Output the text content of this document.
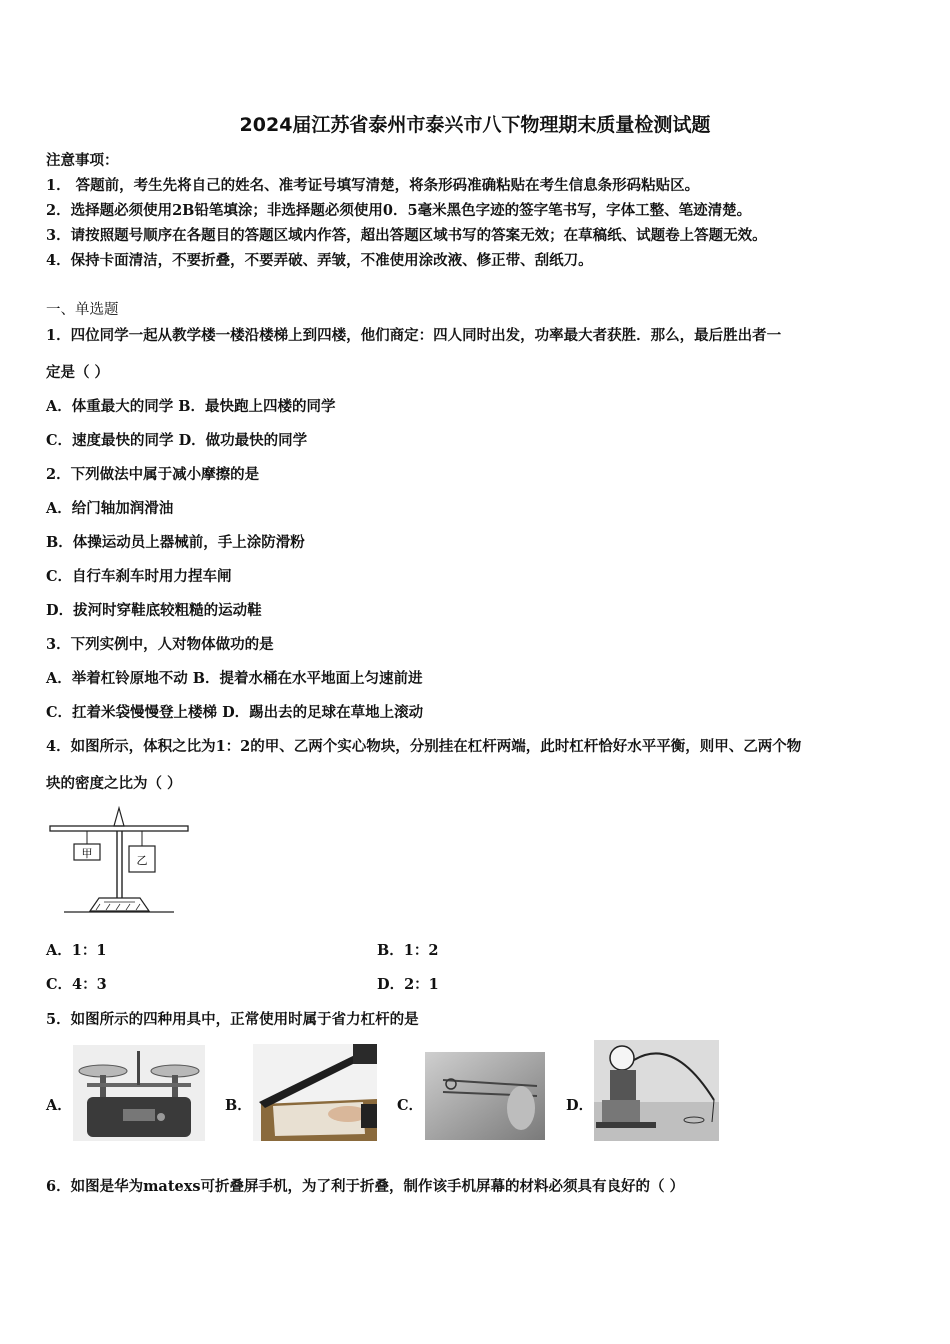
2024届江苏省泰州市泰兴市八下物理期末质量检测试题
注意事项：
1． 答题前，考生先将自己的姓名、准考证号填写清楚，将条形码准确粘贴在考生信息条形码粘贴区。
2．选择题必须使用2B铅笔填涂；非选择题必须使用0．5毫米黑色字迹的签字笔书写，字体工整、笔迹清楚。
3．请按照题号顺序在各题目的答题区域内作答，超出答题区域书写的答案无效；在草稿纸、试题卷上答题无效。
4．保持卡面清洁，不要折叠，不要弄破、弄皱，不准使用涂改液、修正带、刮纸刀。
一、单选题
1．四位同学一起从教学楼一楼沿楼梯上到四楼，他们商定：四人同时出发，功率最大者获胜．那么，最后胜出者一
定是（ ）
A．体重最大的同学 B．最快跑上四楼的同学
C．速度最快的同学 D．做功最快的同学
2．下列做法中属于减小摩擦的是
A．给门轴加润滑油
B．体操运动员上器械前，手上涂防滑粉
C．自行车刹车时用力捏车闸
D．拔河时穿鞋底较粗糙的运动鞋
3．下列实例中，人对物体做功的是
A．举着杠铃原地不动 B．提着水桶在水平地面上匀速前进
C．扛着米袋慢慢登上楼梯 D．踢出去的足球在草地上滚动
4．如图所示，体积之比为1：2的甲、乙两个实心物块，分别挂在杠杆两端，此时杠杆恰好水平平衡，则甲、乙两个物
块的密度之比为（ ）
甲
乙
A．1：1	B．1：2
C．4：3	D．2：1
5．如图所示的四种用具中，正常使用时属于省力杠杆的是
A．	B．	C．	D．
6．如图是华为matexs可折叠屏手机，为了利于折叠，制作该手机屏幕的材料必须具有良好的（ ）
